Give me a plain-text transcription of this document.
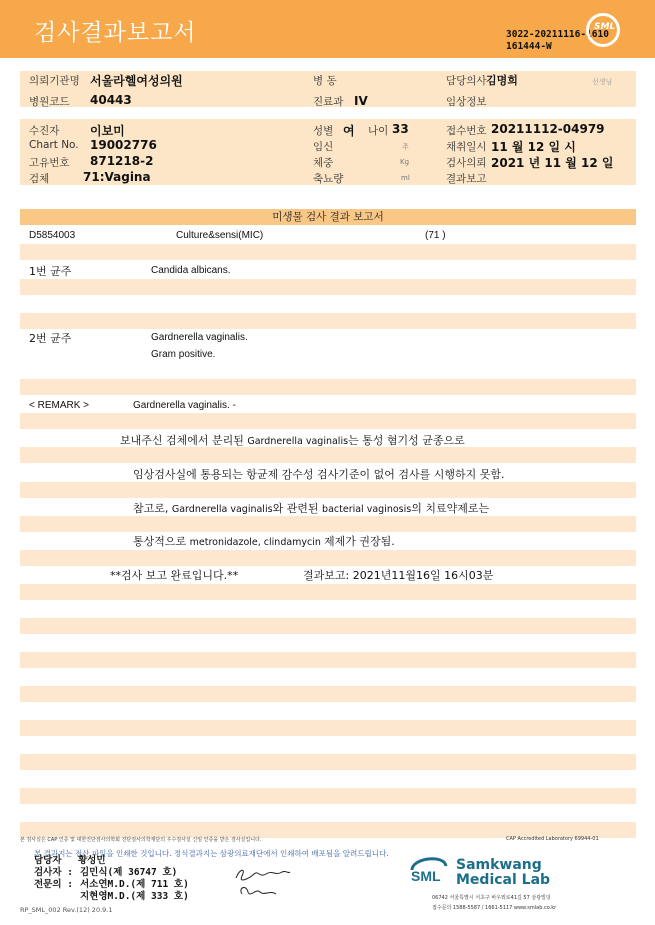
검사결과보고서	3022-20211116-1610
161444-W
SML
의뢰기관명 서울라헬여성의원
병원코드 40443
병 동
진료과 IV
담당의사 김명희	선생님
임상정보
수진자	이보미
Chart No. 19002776
고유번호 871218-2
검체	71:Vagina
성별 여 나이 33
임신	주
체중	Kg
축뇨량	ml
접수번호 20211112-04979
채취일시 11 월 12 일 시
검사의뢰 2021 년 11 월 12 일
결과보고
미생물 검사 결과 보고서
D5854003	Culture&sensi(MIC)	(71 )
1번 균주	Candida albicans.
2번 균주	Gardnerella vaginalis.
Gram positive.
< REMARK >	Gardnerella vaginalis. -
보내주신 검체에서 분리된 Gardnerella vaginalis는 통성 혐기성 균종으로
임상검사실에 통용되는 항균제 감수성 검사기준이 없어 검사를 시행하지 못함.
참고로, Gardnerella vaginalis와 관련된 bacterial vaginosis의 치료약제로는
통상적으로 metronidazole, clindamycin 제제가 권장됨.
**검사 보고 완료입니다.**	결과보고: 2021년11월16일 16시03분
본 검사실은 CAP 인증 및 대한진단검사의학회 진단검사의학재단의 우수검사실 신임 인증을 받은 검사실입니다.	CAP Accredited Laboratory 69944-01
본 결과지는 전산 파일을 인쇄한 것입니다. 정식결과지는 삼광의료재단에서 인쇄하여 배포됨을 알려드립니다.
담당자 황성민
검사자 : 김민식(제 36747 호)
전문의 : 서소연M.D.(제 711 호)
지현영M.D.(제 333 호)
SML
Samkwang
Medical Lab
06742 서울특별시 서초구 바우뫼로41길 57 삼광빌딩
접수문의 1588-5587 / 1661-5117 www.smlab.co.kr
RP_SML_002 Rev.(12) 20.9.1
